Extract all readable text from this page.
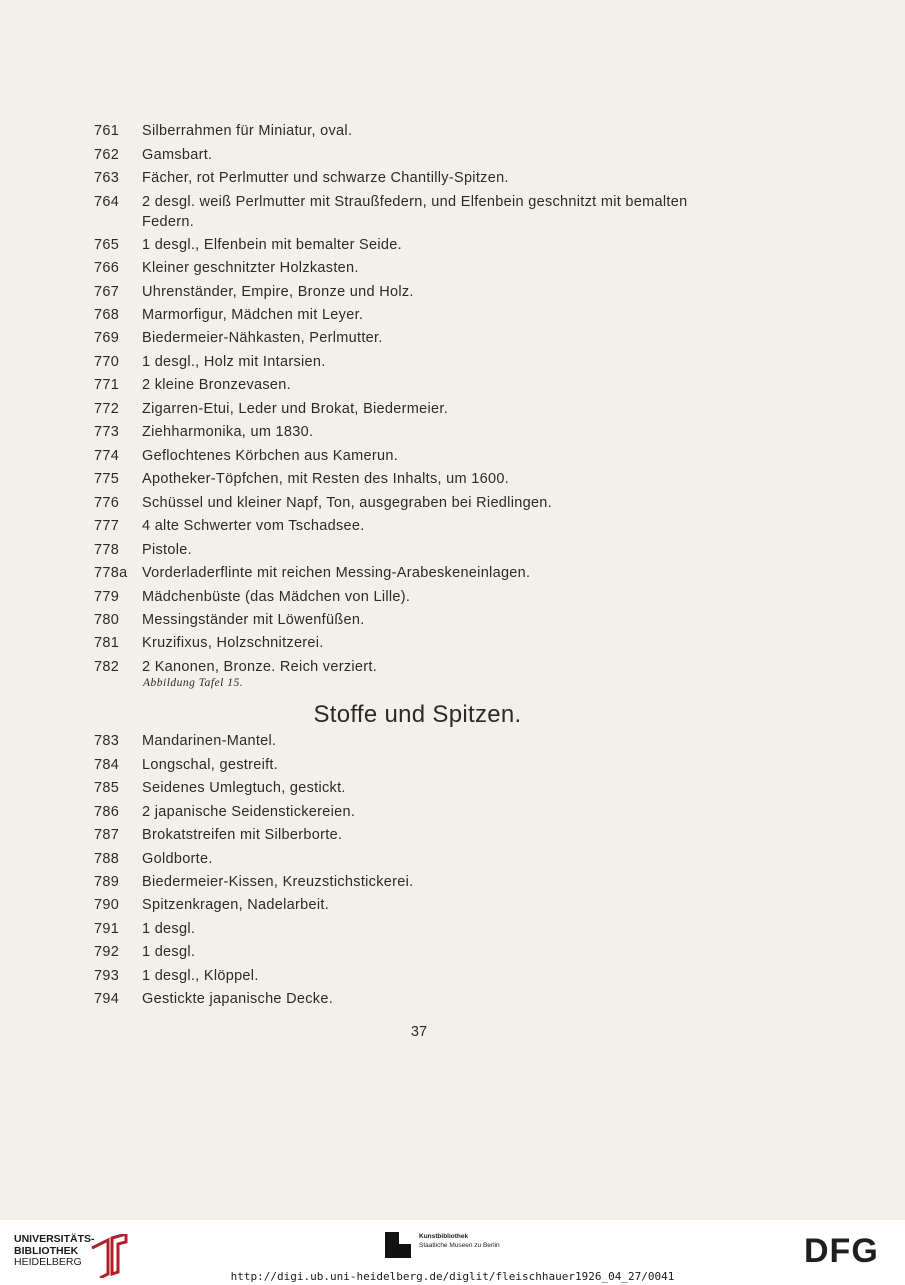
761	Silberrahmen für Miniatur, oval.
762	Gamsbart.
763	Fächer, rot Perlmutter und schwarze Chantilly-Spitzen.
764	2 desgl. weiß Perlmutter mit Straußfedern, und Elfenbein geschnitzt mit bemalten Federn.
765	1 desgl., Elfenbein mit bemalter Seide.
766	Kleiner geschnitzter Holzkasten.
767	Uhrenständer, Empire, Bronze und Holz.
768	Marmorfigur, Mädchen mit Leyer.
769	Biedermeier-Nähkasten, Perlmutter.
770	1 desgl., Holz mit Intarsien.
771	2 kleine Bronzevasen.
772	Zigarren-Etui, Leder und Brokat, Biedermeier.
773	Ziehharmonika, um 1830.
774	Geflochtenes Körbchen aus Kamerun.
775	Apotheker-Töpfchen, mit Resten des Inhalts, um 1600.
776	Schüssel und kleiner Napf, Ton, ausgegraben bei Riedlingen.
777	4 alte Schwerter vom Tschadsee.
778	Pistole.
778a	Vorderladerflinte mit reichen Messing-Arabeskeneinlagen.
779	Mädchenbüste (das Mädchen von Lille).
780	Messingständer mit Löwenfüßen.
781	Kruzifixus, Holzschnitzerei.
782	2 Kanonen, Bronze. Reich verziert.
Abbildung Tafel 15.
Stoffe und Spitzen.
783	Mandarinen-Mantel.
784	Longschal, gestreift.
785	Seidenes Umlegtuch, gestickt.
786	2 japanische Seidenstickereien.
787	Brokatstreifen mit Silberborte.
788	Goldborte.
789	Biedermeier-Kissen, Kreuzstichstickerei.
790	Spitzenkragen, Nadelarbeit.
791	1 desgl.
792	1 desgl.
793	1 desgl., Klöppel.
794	Gestickte japanische Decke.
37
UNIVERSITÄTS-
BIBLIOTHEK
HEIDELBERG
Kunstbibliothek
Staatliche Museen zu Berlin	DFG
http://digi.ub.uni-heidelberg.de/diglit/fleischhauer1926_04_27/0041
